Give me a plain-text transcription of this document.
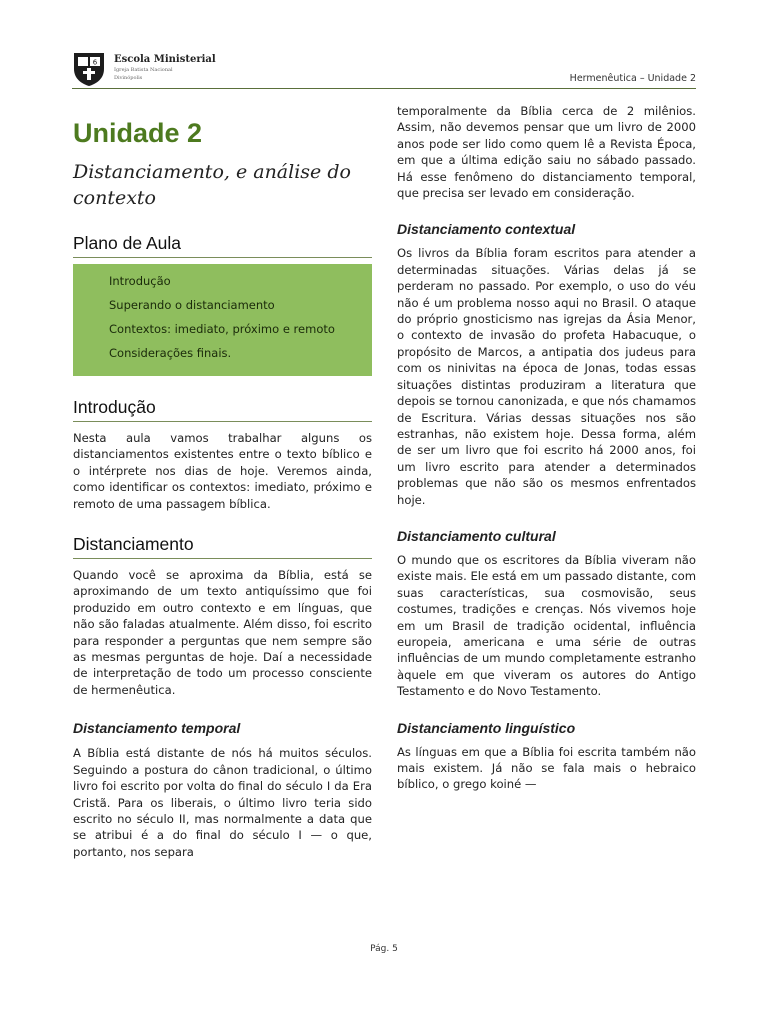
6 Escola Ministerial
Igreja Batista Nacional
Divinópolis	Hermenêutica – Unidade 2
Unidade 2
Distanciamento, e análise do contexto
Plano de Aula
Introdução
Superando o distanciamento
Contextos: imediato, próximo e remoto
Considerações finais.
Introdução

Nesta aula vamos trabalhar alguns os distanciamentos existentes entre o texto bíblico e o intérprete nos dias de hoje. Veremos ainda, como identificar os contextos: imediato, próximo e remoto de uma passagem bíblica.

Distanciamento

Quando você se aproxima da Bíblia, está se aproximando de um texto antiquíssimo que foi produzido em outro contexto e em línguas, que não são faladas atualmente. Além disso, foi escrito para responder a perguntas que nem sempre são as mesmas perguntas de hoje. Daí a necessidade de interpretação de todo um processo consciente de hermenêutica.

Distanciamento temporal

A Bíblia está distante de nós há muitos séculos. Seguindo a postura do cânon tradicional, o último livro foi escrito por volta do final do século I da Era Cristã. Para os liberais, o último livro teria sido escrito no século II, mas normalmente a data que se atribui é a do final do século I — o que, portanto, nos separa

temporalmente da Bíblia cerca de 2 milênios. Assim, não devemos pensar que um livro de 2000 anos pode ser lido como quem lê a Revista Época, em que a última edição saiu no sábado passado. Há esse fenômeno do distanciamento temporal, que precisa ser levado em consideração.

Distanciamento contextual

Os livros da Bíblia foram escritos para atender a determinadas situações. Várias delas já se perderam no passado. Por exemplo, o uso do véu não é um problema nosso aqui no Brasil. O ataque do próprio gnosticismo nas igrejas da Ásia Menor, o contexto de invasão do profeta Habacuque, o propósito de Marcos, a antipatia dos judeus para com os ninivitas na época de Jonas, todas essas situações distintas produziram a literatura que depois se tornou canonizada, e que nós chamamos de Escritura. Várias dessas situações nos são estranhas, não existem hoje. Dessa forma, além de ser um livro que foi escrito há 2000 anos, foi um livro escrito para atender a determinados problemas que não são os mesmos enfrentados hoje.

Distanciamento cultural

O mundo que os escritores da Bíblia viveram não existe mais. Ele está em um passado distante, com suas características, sua cosmovisão, seus costumes, tradições e crenças. Nós vivemos hoje em um Brasil de tradição ocidental, influência europeia, americana e uma série de outras influências de um mundo completamente estranho àquele em que viveram os autores do Antigo Testamento e do Novo Testamento.

Distanciamento linguístico

As línguas em que a Bíblia foi escrita também não mais existem. Já não se fala mais o hebraico bíblico, o grego koiné —

Pág. 5
